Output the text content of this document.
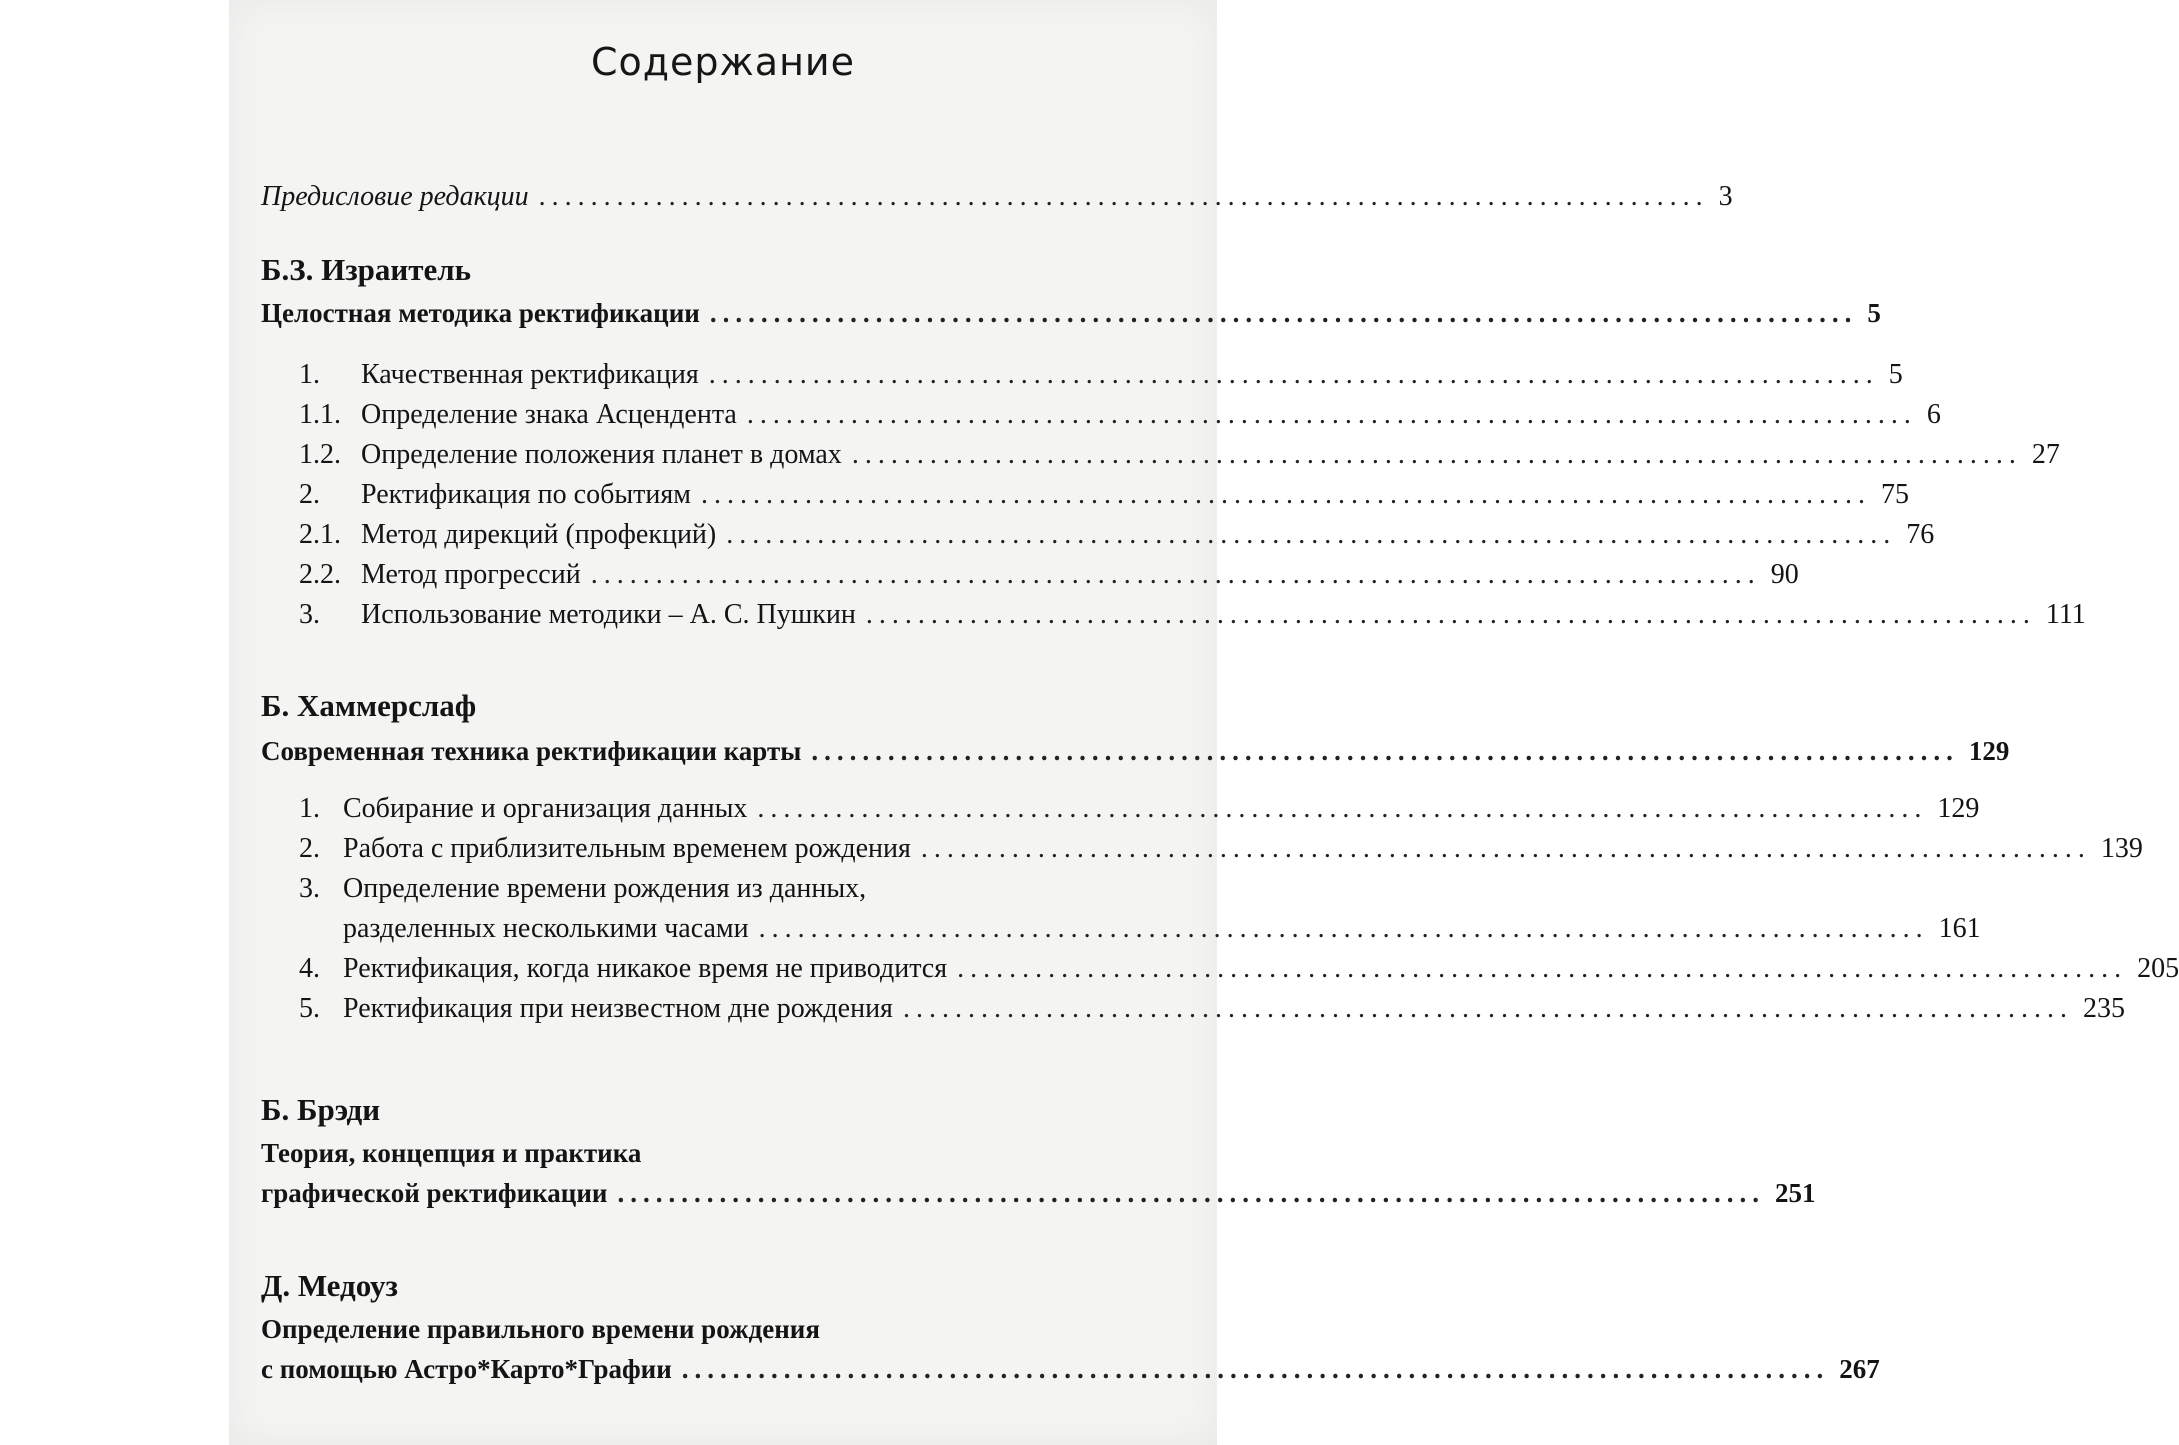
Содержание
Предисловие редакции .......................................................................................... 3
Б.З. Израитель
Целостная методика ректификации .......................................................................................... 5
1.	Качественная ректификация .......................................................................................... 5
1.1. Определение знака Асцендента .......................................................................................... 6
1.2. Определение положения планет в домах .......................................................................................... 27
2.	Ректификация по событиям .......................................................................................... 75
2.1. Метод дирекций (профекций) .......................................................................................... 76
2.2. Метод прогрессий .......................................................................................... 90
3.	Использование методики – А. С. Пушкин .......................................................................................... 111
Б. Хаммерслаф
Современная техника ректификации карты .......................................................................................... 129
1. Собирание и организация данных .......................................................................................... 129
2. Работа с приблизительным временем рождения .......................................................................................... 139
3. Определение времени рождения из данных,
разделенных несколькими часами .......................................................................................... 161
4. Ректификация, когда никакое время не приводится .......................................................................................... 205
5. Ректификация при неизвестном дне рождения .......................................................................................... 235
Б. Брэди
Теория, концепция и практика
графической ректификации .......................................................................................... 251
Д. Медоуз
Определение правильного времени рождения
с помощью Астро*Карто*Графии .......................................................................................... 267
